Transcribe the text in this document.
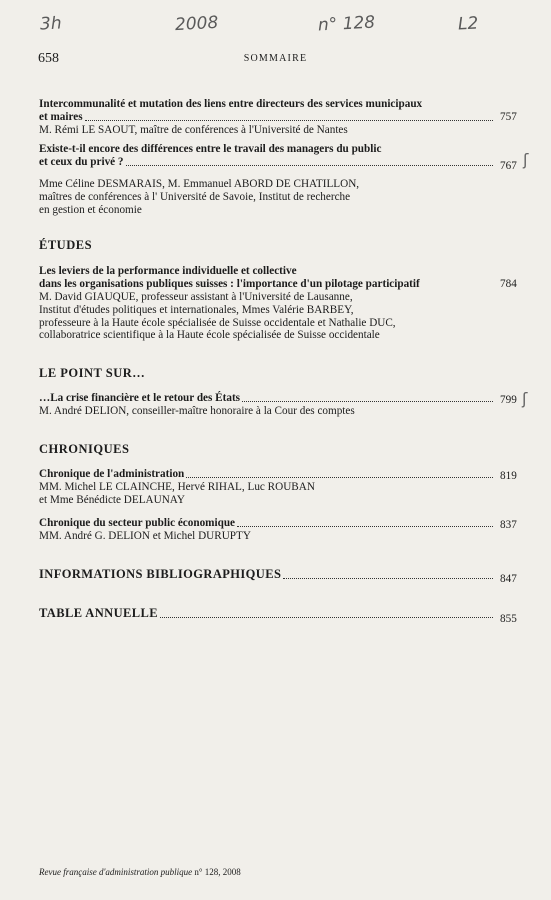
3h	2008	n° 128	L2
658	SOMMAIRE
Intercommunalité et mutation des liens entre directeurs des services municipaux
et maires
M. Rémi LE SAOUT, maître de conférences à l'Université de Nantes
757
Existe-t-il encore des différences entre le travail des managers du public
et ceux du privé ?
Mme Céline DESMARAIS, M. Emmanuel ABORD DE CHATILLON,
maîtres de conférences à l' Université de Savoie, Institut de recherche
en gestion et économie
767 ʃ
ÉTUDES
Les leviers de la performance individuelle et collective
dans les organisations publiques suisses : l'importance d'un pilotage participatif
M. David GIAUQUE, professeur assistant à l'Université de Lausanne,
Institut d'études politiques et internationales, Mmes Valérie BARBEY,
professeure à la Haute école spécialisée de Suisse occidentale et Nathalie DUC,
collaboratrice scientifique à la Haute école spécialisée de Suisse occidentale
784
LE POINT SUR…
…La crise financière et le retour des États
M. André DELION, conseiller-maître honoraire à la Cour des comptes
799 ʃ
CHRONIQUES
Chronique de l'administration
MM. Michel LE CLAINCHE, Hervé RIHAL, Luc ROUBAN
et Mme Bénédicte DELAUNAY
819
Chronique du secteur public économique
MM. André G. DELION et Michel DURUPTY
837
INFORMATIONS BIBLIOGRAPHIQUES	847
TABLE ANNUELLE	855
Revue française d'administration publique n° 128, 2008
